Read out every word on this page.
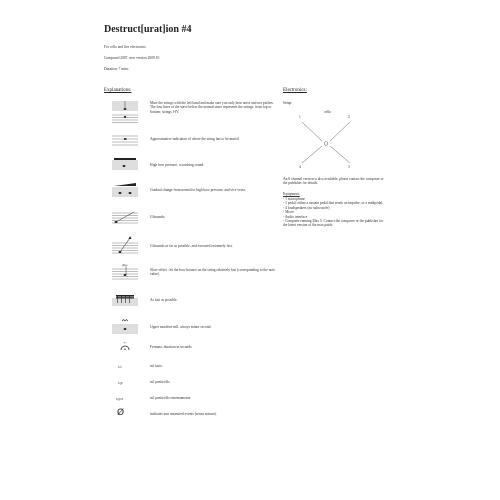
Destruct[urat]ion #4
For cello and live electronics
Composed 2007, new version 2009.10
Duration: 7 mins
Explanations:
Mute the strings with the left hand and make sure you only hear noise and not pitches. The four lines of the stave below the normal stave represents the strings: from top to bottom: strings I-IV.
Approximative indication of where the string has to be muted.
High bow pressure, scratching sound.
Gradual change from normal to high bow pressure, and vice versa.
Glissando.
Glissando as far as possible, and executed extremely fast.
gliss
Slow-offset : let the bow bounce on the string relatively fast (corresponding to the note value).
As fast as possible.
Upper mordent-trill, always minor second.
7"
Fermata, duration in seconds.
s.t	sul tasto.
s.p	sul ponticello.
s.p.e	sul ponticello estremamente.
Ø	indicates non measured events (senza misura).
Electronics:
Setup:
cello
1	2
3
4
An 8 channel version is also available, please contact the composer or the publisher for details.
Equipment:
- 1 microphone
- 1 pedal: either a sustain pedal that sends on impulse, or a midipedal.
- 4 loudspeakers (no subwoofer)
- Mixer
- Audio interface
- Computer running Max 5. Contact the composer or the publisher for the latest version of the max patch.
